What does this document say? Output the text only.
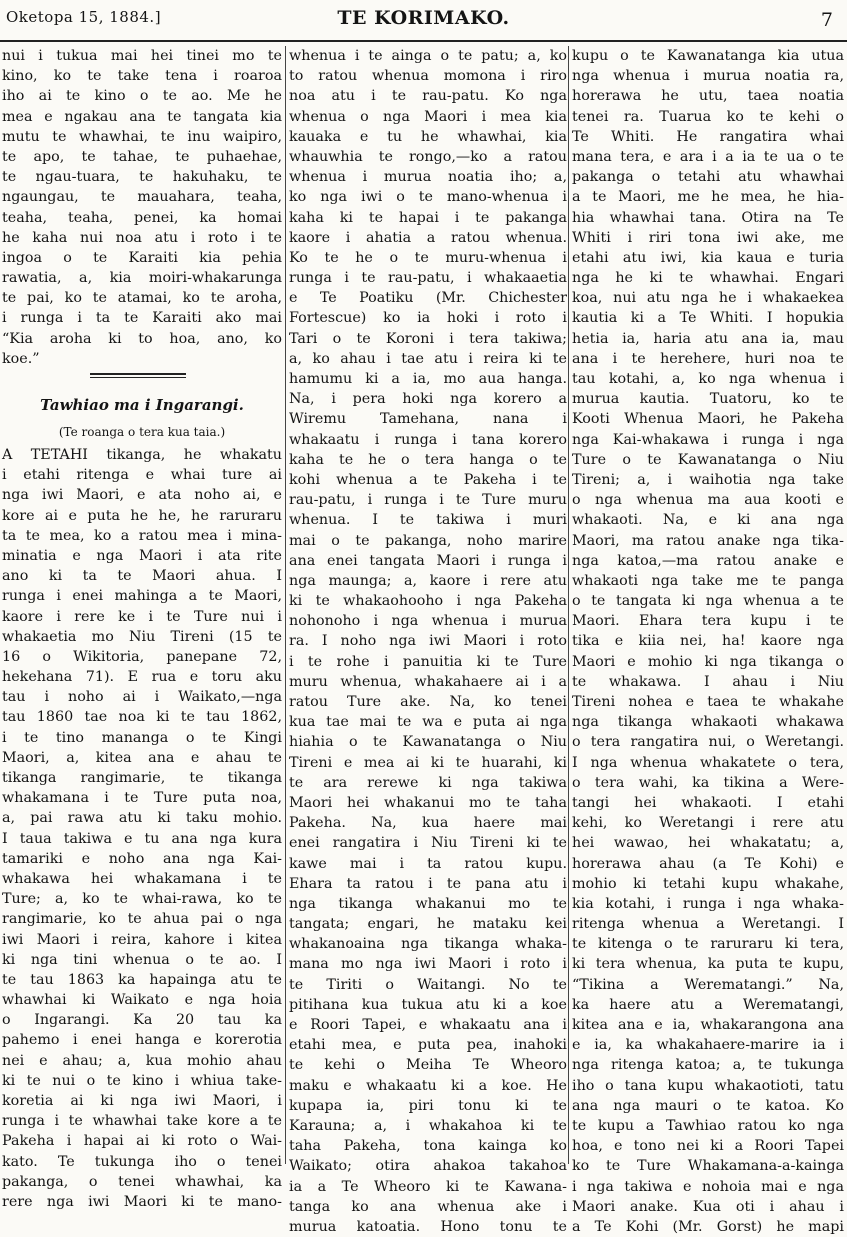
Oketopa 15, 1884.]	TE KORIMAKO.	7
nui i tukua mai hei tinei mo te
kino, ko te take tena i roaroa
iho ai te kino o te ao. Me he
mea e ngakau ana te tangata kia
mutu te whawhai, te inu waipiro,
te apo, te tahae, te puhaehae,
te ngau-tuara, te hakuhaku, te
ngaungau, te mauahara, teaha,
teaha, teaha, penei, ka homai
he kaha nui noa atu i roto i te
ingoa o te Karaiti kia pehia
rawatia, a, kia moiri-whakarunga
te pai, ko te atamai, ko te aroha,
i runga i ta te Karaiti ako mai
“Kia aroha ki to hoa, ano, ko
koe.”
Tawhiao ma i Ingarangi.
(Te roanga o tera kua taia.)
A TETAHI tikanga, he whakatu
i etahi ritenga e whai ture ai
nga iwi Maori, e ata noho ai, e
kore ai e puta he he, he raruraru
ta te mea, ko a ratou mea i mina-
minatia e nga Maori i ata rite
ano ki ta te Maori ahua. I
runga i enei mahinga a te Maori,
kaore i rere ke i te Ture nui i
whakaetia mo Niu Tireni (15 te
16 o Wikitoria, panepane 72,
hekehana 71). E rua e toru aku
tau i noho ai i Waikato,—nga
tau 1860 tae noa ki te tau 1862,
i te tino mananga o te Kingi
Maori, a, kitea ana e ahau te
tikanga rangimarie, te tikanga
whakamana i te Ture puta noa,
a, pai rawa atu ki taku mohio.
I taua takiwa e tu ana nga kura
tamariki e noho ana nga Kai-
whakawa hei whakamana i te
Ture; a, ko te whai-rawa, ko te
rangimarie, ko te ahua pai o nga
iwi Maori i reira, kahore i kitea
ki nga tini whenua o te ao. I
te tau 1863 ka hapainga atu te
whawhai ki Waikato e nga hoia
o Ingarangi. Ka 20 tau ka
pahemo i enei hanga e korerotia
nei e ahau; a, kua mohio ahau
ki te nui o te kino i whiua take-
koretia ai ki nga iwi Maori, i
runga i te whawhai take kore a te
Pakeha i hapai ai ki roto o Wai-
kato. Te tukunga iho o tenei
pakanga, o tenei whawhai, ka
rere nga iwi Maori ki te mano-
whenua i te ainga o te patu; a, ko
to ratou whenua momona i riro
noa atu i te rau-patu. Ko nga
whenua o nga Maori i mea kia
kauaka e tu he whawhai, kia
whauwhia te rongo,—ko a ratou
whenua i murua noatia iho; a,
ko nga iwi o te mano-whenua i
kaha ki te hapai i te pakanga
kaore i ahatia a ratou whenua.
Ko te he o te muru-whenua i
runga i te rau-patu, i whakaaetia
e Te Poatiku (Mr. Chichester
Fortescue) ko ia hoki i roto i
Tari o te Koroni i tera takiwa;
a, ko ahau i tae atu i reira ki te
hamumu ki a ia, mo aua hanga.
Na, i pera hoki nga korero a
Wiremu Tamehana, nana i
whakaatu i runga i tana korero
kaha te he o tera hanga o te
kohi whenua a te Pakeha i te
rau-patu, i runga i te Ture muru
whenua. I te takiwa i muri
mai o te pakanga, noho marire
ana enei tangata Maori i runga i
nga maunga; a, kaore i rere atu
ki te whakaohooho i nga Pakeha
nohonoho i nga whenua i murua
ra. I noho nga iwi Maori i roto
i te rohe i panuitia ki te Ture
muru whenua, whakahaere ai i a
ratou Ture ake. Na, ko tenei
kua tae mai te wa e puta ai nga
hiahia o te Kawanatanga o Niu
Tireni e mea ai ki te huarahi, ki
te ara rerewe ki nga takiwa
Maori hei whakanui mo te taha
Pakeha. Na, kua haere mai
enei rangatira i Niu Tireni ki te
kawe mai i ta ratou kupu.
Ehara ta ratou i te pana atu i
nga tikanga whakanui mo te
tangata; engari, he mataku kei
whakanoaina nga tikanga whaka-
mana mo nga iwi Maori i roto i
te Tiriti o Waitangi. No te
pitihana kua tukua atu ki a koe
e Roori Tapei, e whakaatu ana i
etahi mea, e puta pea, inahoki
te kehi o Meiha Te Wheoro
maku e whakaatu ki a koe. He
kupapa ia, piri tonu ki te
Karauna; a, i whakahoa ki te
taha Pakeha, tona kainga ko
Waikato; otira ahakoa takahoa
ia a Te Wheoro ki te Kawana-
tanga ko ana whenua ake i
murua katoatia. Hono tonu te
kupu o te Kawanatanga kia utua
nga whenua i murua noatia ra,
horerawa he utu, taea noatia
tenei ra. Tuarua ko te kehi o
Te Whiti. He rangatira whai
mana tera, e ara i a ia te ua o te
pakanga o tetahi atu whawhai
a te Maori, me he mea, he hia-
hia whawhai tana. Otira na Te
Whiti i riri tona iwi ake, me
etahi atu iwi, kia kaua e turia
nga he ki te whawhai. Engari
koa, nui atu nga he i whakaekea
kautia ki a Te Whiti. I hopukia
hetia ia, haria atu ana ia, mau
ana i te herehere, huri noa te
tau kotahi, a, ko nga whenua i
murua kautia. Tuatoru, ko te
Kooti Whenua Maori, he Pakeha
nga Kai-whakawa i runga i nga
Ture o te Kawanatanga o Niu
Tireni; a, i waihotia nga take
o nga whenua ma aua kooti e
whakaoti. Na, e ki ana nga
Maori, ma ratou anake nga tika-
nga katoa,—ma ratou anake e
whakaoti nga take me te panga
o te tangata ki nga whenua a te
Maori. Ehara tera kupu i te
tika e kiia nei, ha! kaore nga
Maori e mohio ki nga tikanga o
te whakawa. I ahau i Niu
Tireni nohea e taea te whakahe
nga tikanga whakaoti whakawa
o tera rangatira nui, o Weretangi.
I nga whenua whakatete o tera,
o tera wahi, ka tikina a Were-
tangi hei whakaoti. I etahi
kehi, ko Weretangi i rere atu
hei wawao, hei whakatatu; a,
horerawa ahau (a Te Kohi) e
mohio ki tetahi kupu whakahe,
kia kotahi, i runga i nga whaka-
ritenga whenua a Weretangi. I
te kitenga o te raruraru ki tera,
ki tera whenua, ka puta te kupu,
“Tikina a Werematangi.” Na,
ka haere atu a Werematangi,
kitea ana e ia, whakarangona ana
e ia, ka whakahaere-marire ia i
nga ritenga katoa; a, te tukunga
iho o tana kupu whakaotioti, tatu
ana nga mauri o te katoa. Ko
te kupu a Tawhiao ratou ko nga
hoa, e tono nei ki a Roori Tapei
ko te Ture Whakamana-a-kainga
i nga takiwa e nohoia mai e nga
Maori anake. Kua oti i ahau i
a Te Kohi (Mr. Gorst) he mapi
